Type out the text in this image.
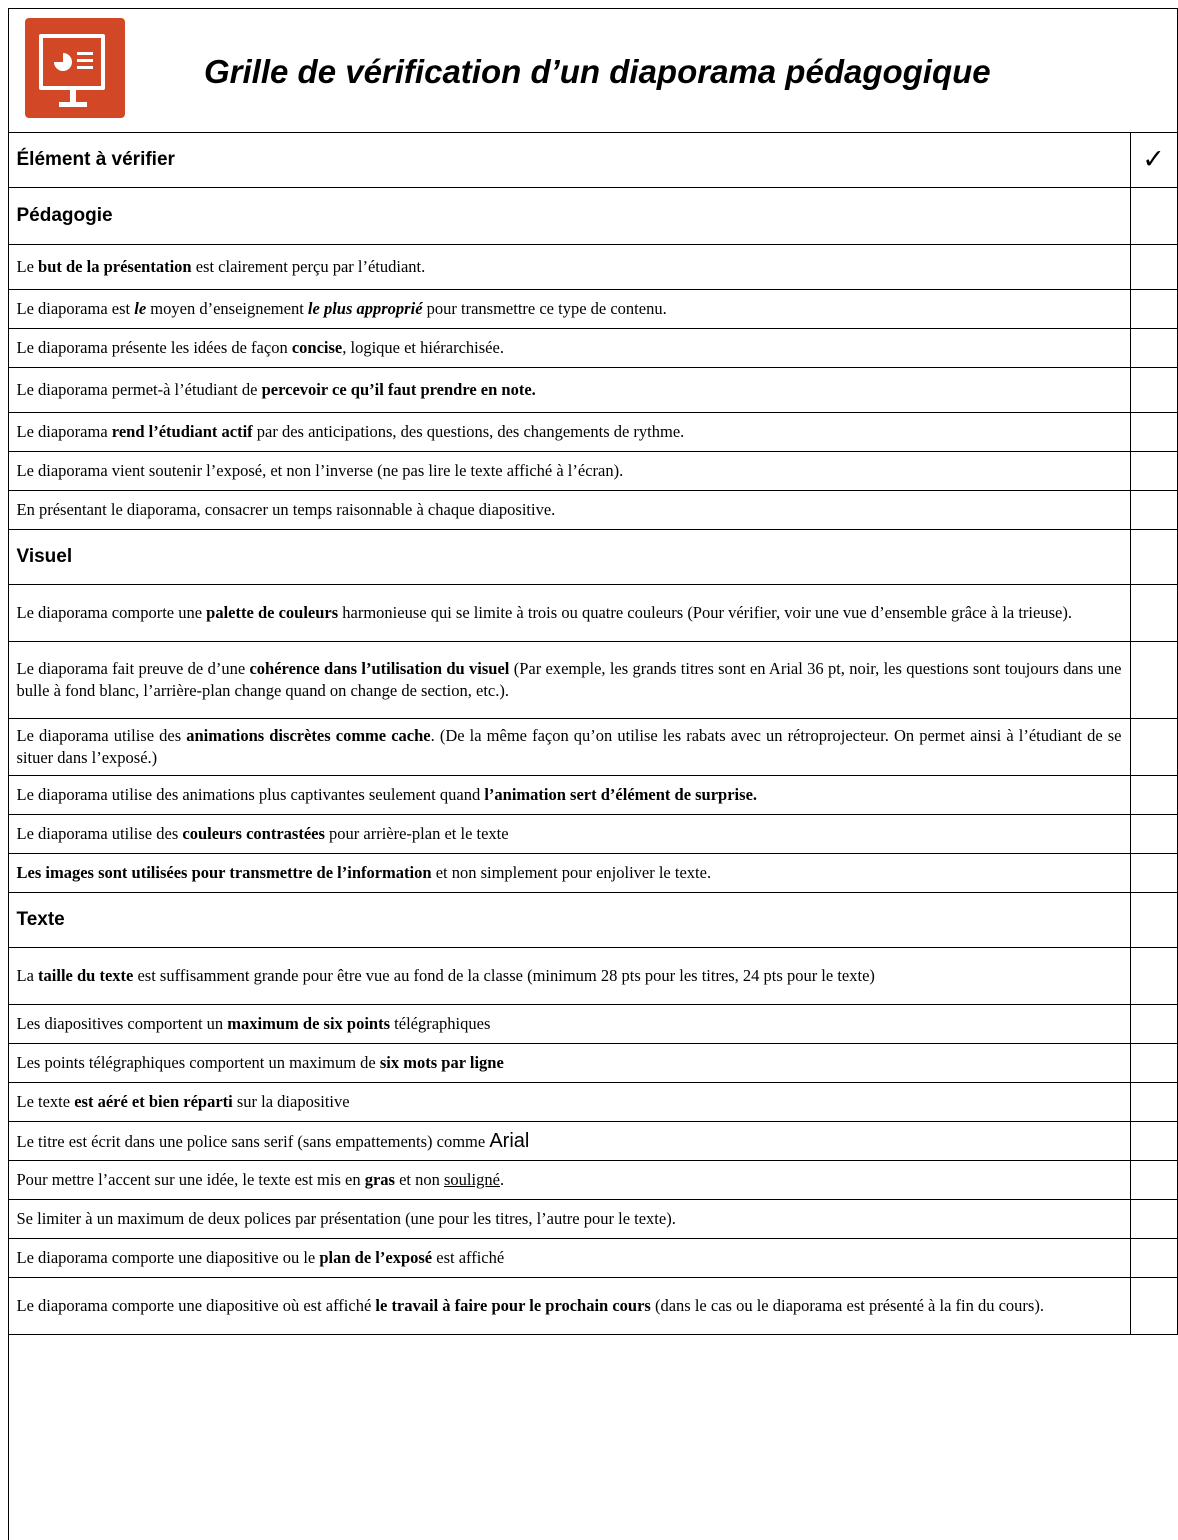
Grille de vérification d’un diaporama pédagogique
Élément à vérifier	✓
Pédagogie	
Le but de la présentation est clairement perçu par l’étudiant.	
Le diaporama est le moyen d’enseignement le plus approprié pour transmettre ce type de contenu.	
Le diaporama présente les idées de façon concise, logique et hiérarchisée.	
Le diaporama permet-à l’étudiant de percevoir ce qu’il faut prendre en note.	
Le diaporama rend l’étudiant actif par des anticipations, des questions, des changements de rythme.	
Le diaporama vient soutenir l’exposé, et non l’inverse (ne pas lire le texte affiché à l’écran).	
En présentant le diaporama, consacrer un temps raisonnable à chaque diapositive.	
Visuel	
Le diaporama comporte une palette de couleurs harmonieuse qui se limite à trois ou quatre couleurs (Pour vérifier, voir une vue d’ensemble grâce à la trieuse).	
Le diaporama fait preuve de d’une cohérence dans l’utilisation du visuel (Par exemple, les grands titres sont en Arial 36 pt, noir, les questions sont toujours dans une bulle à fond blanc, l’arrière-plan change quand on change de section, etc.).	
Le diaporama utilise des animations discrètes comme cache. (De la même façon qu’on utilise les rabats avec un rétroprojecteur. On permet ainsi à l’étudiant de se situer dans l’exposé.)	
Le diaporama utilise des animations plus captivantes seulement quand l’animation sert d’élément de surprise.	
Le diaporama utilise des couleurs contrastées pour arrière-plan et le texte	
Les images sont utilisées pour transmettre de l’information et non simplement pour enjoliver le texte.	
Texte	
La taille du texte est suffisamment grande pour être vue au fond de la classe (minimum 28 pts pour les titres, 24 pts pour le texte)	
Les diapositives comportent un maximum de six points télégraphiques	
Les points télégraphiques comportent un maximum de six mots par ligne	
Le texte est aéré et bien réparti sur la diapositive	
Le titre est écrit dans une police sans serif (sans empattements) comme Arial	
Pour mettre l’accent sur une idée, le texte est mis en gras et non souligné.	
Se limiter à un maximum de deux polices par présentation (une pour les titres, l’autre pour le texte).	
Le diaporama comporte une diapositive ou le plan de l’exposé est affiché	
Le diaporama comporte une diapositive où est affiché le travail à faire pour le prochain cours (dans le cas ou le diaporama est présenté à la fin du cours).	
